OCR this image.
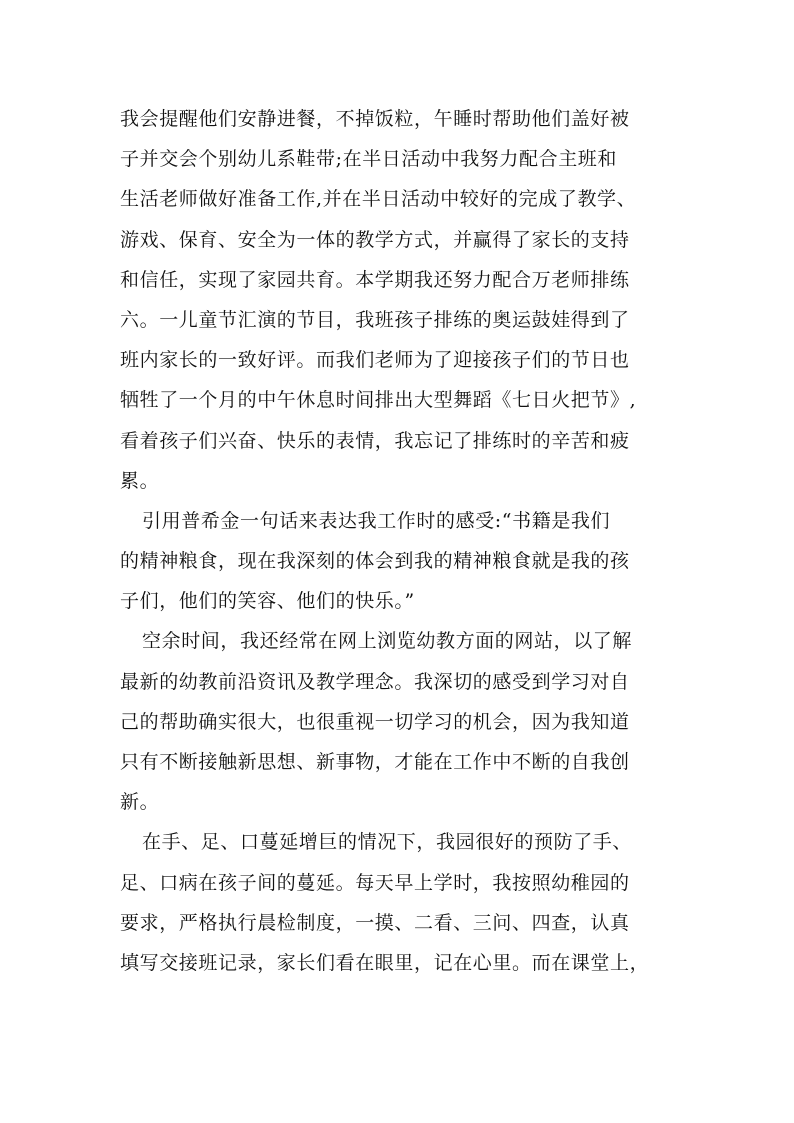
我会提醒他们安静进餐，不掉饭粒，午睡时帮助他们盖好被
子并交会个别幼儿系鞋带;在半日活动中我努力配合主班和
生活老师做好准备工作,并在半日活动中较好的完成了教学、
游戏、保育、安全为一体的教学方式，并赢得了家长的支持
和信任，实现了家园共育。本学期我还努力配合万老师排练
六。一儿童节汇演的节目，我班孩子排练的奥运鼓娃得到了
班内家长的一致好评。而我们老师为了迎接孩子们的节日也
牺牲了一个月的中午休息时间排出大型舞蹈《七日火把节》,
看着孩子们兴奋、快乐的表情，我忘记了排练时的辛苦和疲
累。
引用普希金一句话来表达我工作时的感受:“书籍是我们
的精神粮食，现在我深刻的体会到我的精神粮食就是我的孩
子们，他们的笑容、他们的快乐。”
空余时间，我还经常在网上浏览幼教方面的网站，以了解
最新的幼教前沿资讯及教学理念。我深切的感受到学习对自
己的帮助确实很大，也很重视一切学习的机会，因为我知道
只有不断接触新思想、新事物，才能在工作中不断的自我创
新。
在手、足、口蔓延增巨的情况下，我园很好的预防了手、
足、口病在孩子间的蔓延。每天早上学时，我按照幼稚园的
要求，严格执行晨检制度，一摸、二看、三问、四查，认真
填写交接班记录，家长们看在眼里，记在心里。而在课堂上，
